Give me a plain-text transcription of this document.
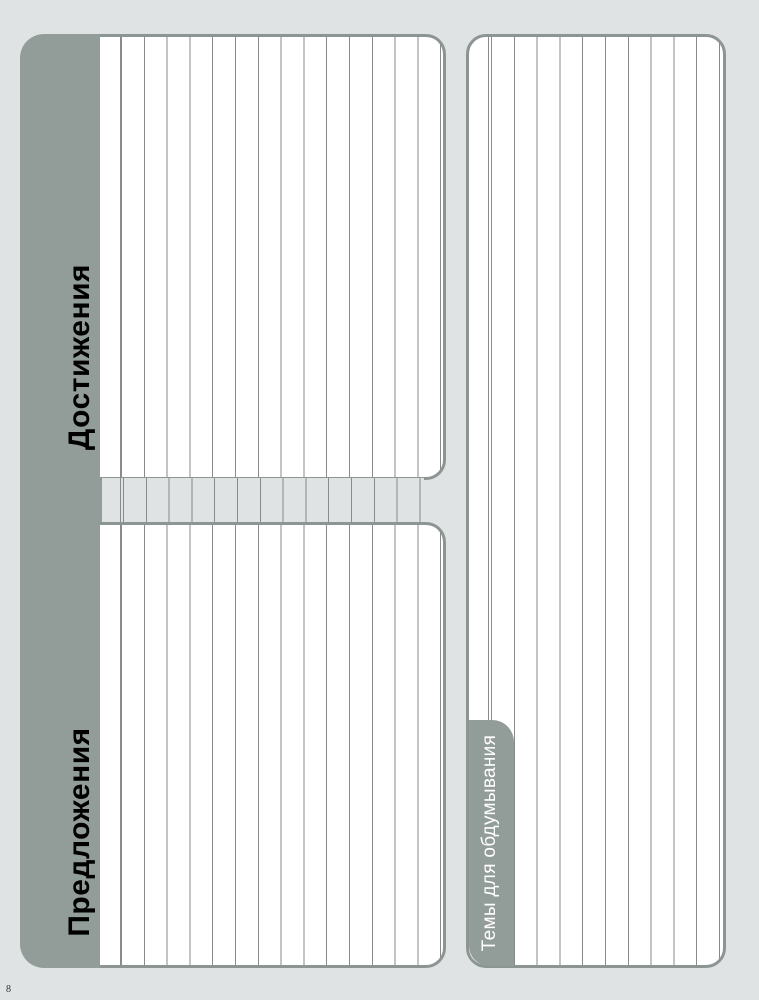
Достижения
Предложения	Темы для обдумывания
8
